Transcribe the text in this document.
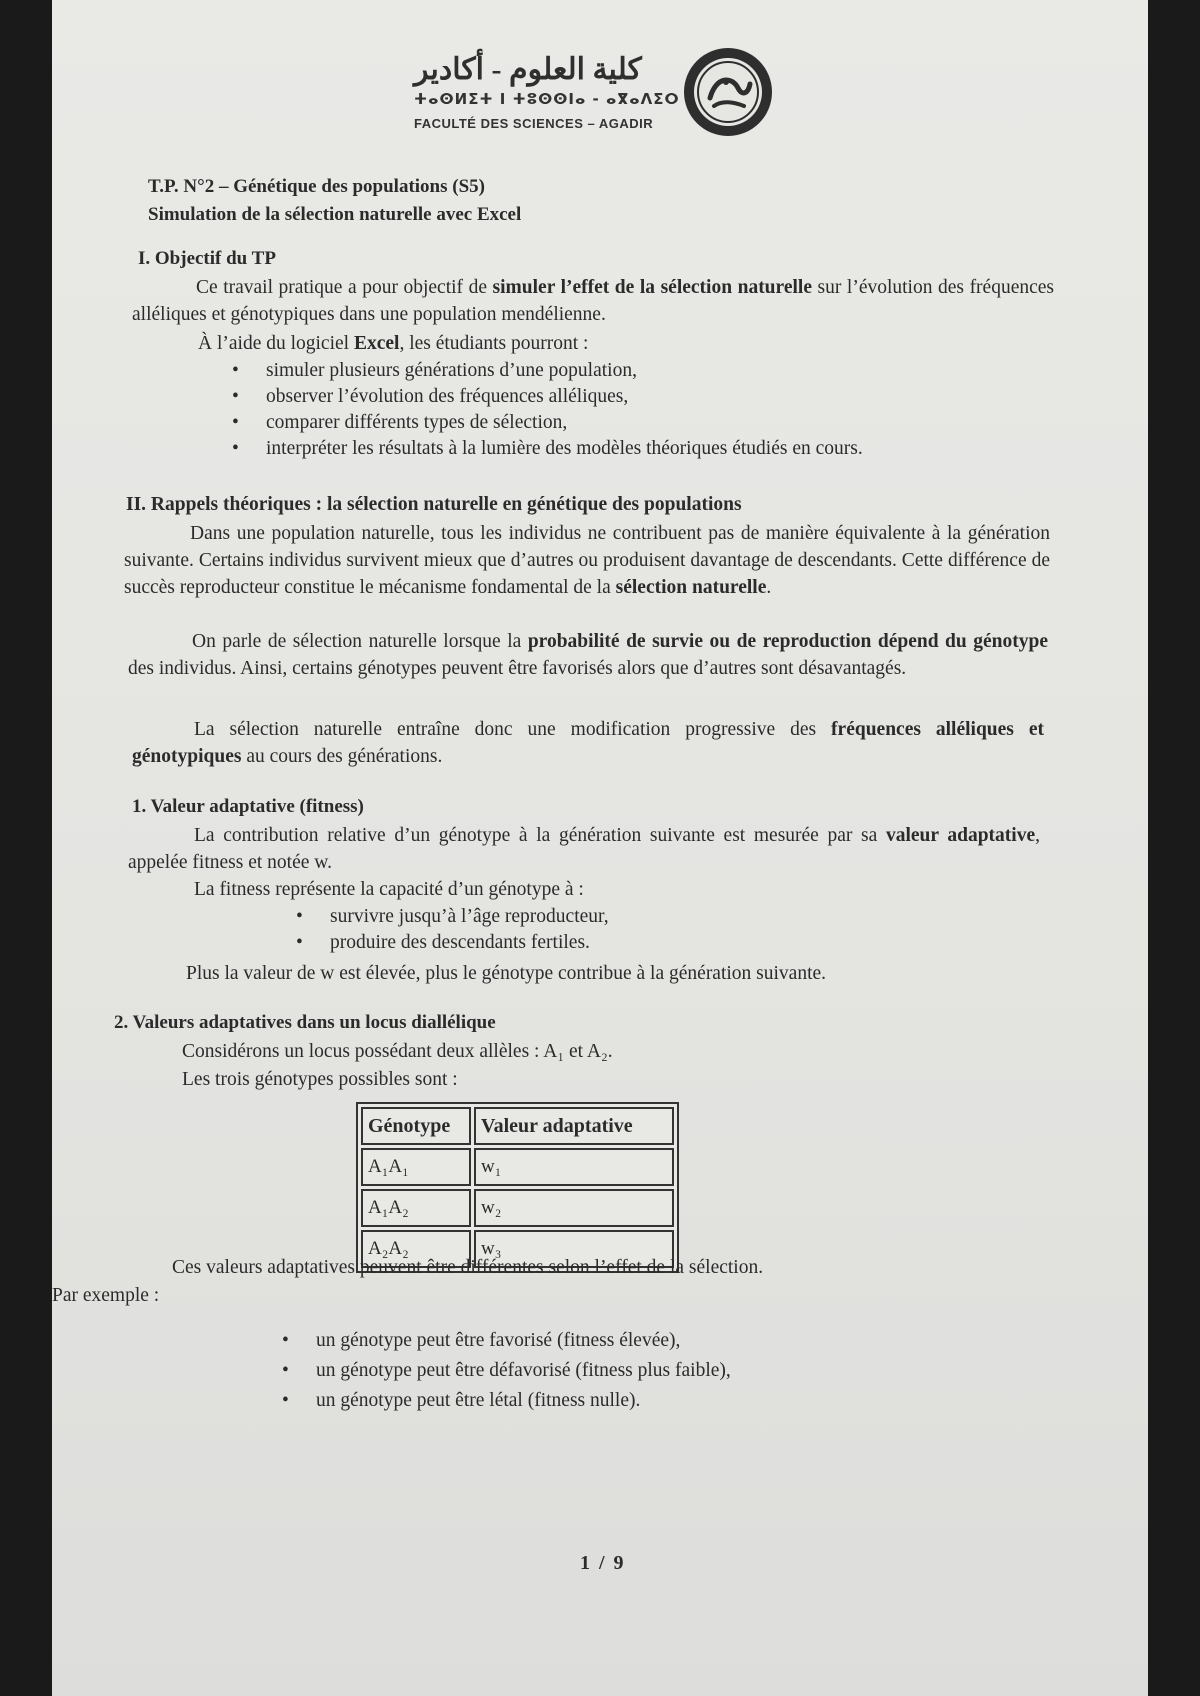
كلية العلوم - أكادير
ⵜⴰⵙⵍⵉⵜ ⵏ ⵜⵓⵙⵙⵏⴰ - ⴰⴳⴰⴷⵉⵔ
FACULTÉ DES SCIENCES – AGADIR
T.P. N°2 – Génétique des populations (S5)
Simulation de la sélection naturelle avec Excel
I. Objectif du TP
Ce travail pratique a pour objectif de simuler l’effet de la sélection naturelle sur l’évolution des fréquences alléliques et génotypiques dans une population mendélienne.
À l’aide du logiciel Excel, les étudiants pourront :
• simuler plusieurs générations d’une population,
• observer l’évolution des fréquences alléliques,
• comparer différents types de sélection,
• interpréter les résultats à la lumière des modèles théoriques étudiés en cours.
II. Rappels théoriques : la sélection naturelle en génétique des populations
Dans une population naturelle, tous les individus ne contribuent pas de manière équivalente à la génération suivante. Certains individus survivent mieux que d’autres ou produisent davantage de descendants. Cette différence de succès reproducteur constitue le mécanisme fondamental de la sélection naturelle.
On parle de sélection naturelle lorsque la probabilité de survie ou de reproduction dépend du génotype des individus. Ainsi, certains génotypes peuvent être favorisés alors que d’autres sont désavantagés.
La sélection naturelle entraîne donc une modification progressive des fréquences alléliques et génotypiques au cours des générations.
1. Valeur adaptative (fitness)
La contribution relative d’un génotype à la génération suivante est mesurée par sa valeur adaptative, appelée fitness et notée w.
La fitness représente la capacité d’un génotype à :
• survivre jusqu’à l’âge reproducteur,
• produire des descendants fertiles.
Plus la valeur de w est élevée, plus le génotype contribue à la génération suivante.
2. Valeurs adaptatives dans un locus diallélique
Considérons un locus possédant deux allèles : A₁ et A₂.
Les trois génotypes possibles sont :
Génotype	Valeur adaptative
A₁A₁	w₁
A₁A₂	w₂
A₂A₂	w₃
Ces valeurs adaptatives peuvent être différentes selon l’effet de la sélection.
Par exemple :
• un génotype peut être favorisé (fitness élevée),
• un génotype peut être défavorisé (fitness plus faible),
• un génotype peut être létal (fitness nulle).
1 / 9
